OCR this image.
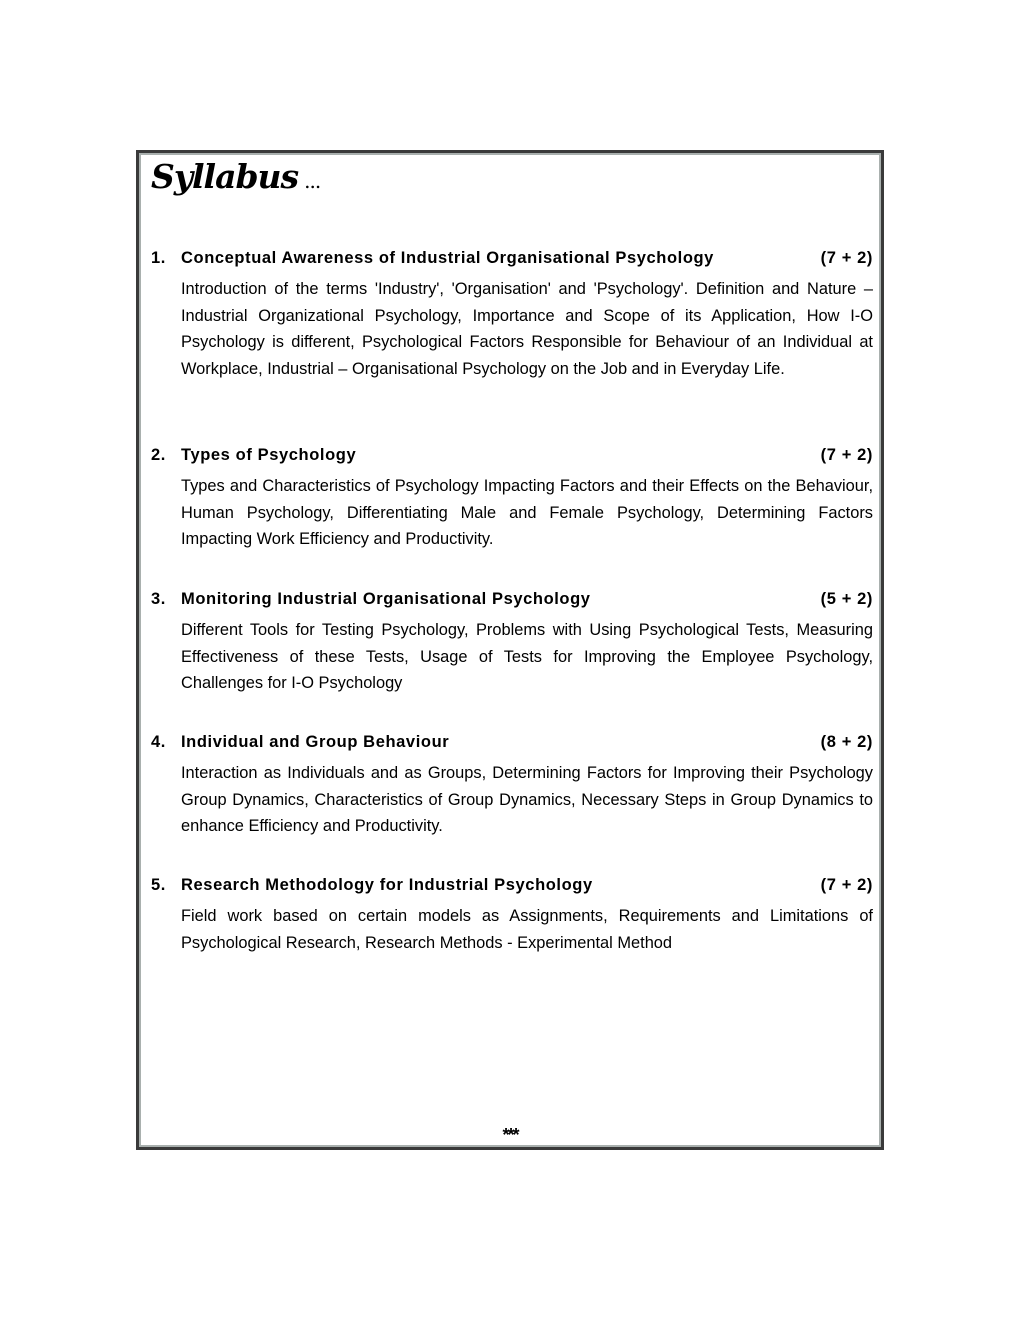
Syllabus ...
1. Conceptual Awareness of Industrial Organisational Psychology	(7 + 2)
Introduction of the terms 'Industry', 'Organisation' and 'Psychology'. Definition and Nature – Industrial Organizational Psychology, Importance and Scope of its Application, How I-O Psychology is different, Psychological Factors Responsible for Behaviour of an Individual at Workplace, Industrial – Organisational Psychology on the Job and in Everyday Life.
2. Types of Psychology	(7 + 2)
Types and Characteristics of Psychology Impacting Factors and their Effects on the Behaviour, Human Psychology, Differentiating Male and Female Psychology, Determining Factors Impacting Work Efficiency and Productivity.
3. Monitoring Industrial Organisational Psychology	(5 + 2)
Different Tools for Testing Psychology, Problems with Using Psychological Tests, Measuring Effectiveness of these Tests, Usage of Tests for Improving the Employee Psychology, Challenges for I-O Psychology
4. Individual and Group Behaviour	(8 + 2)
Interaction as Individuals and as Groups, Determining Factors for Improving their Psychology Group Dynamics, Characteristics of Group Dynamics, Necessary Steps in Group Dynamics to enhance Efficiency and Productivity.
5. Research Methodology for Industrial Psychology	(7 + 2)
Field work based on certain models as Assignments, Requirements and Limitations of Psychological Research, Research Methods - Experimental Method
***
